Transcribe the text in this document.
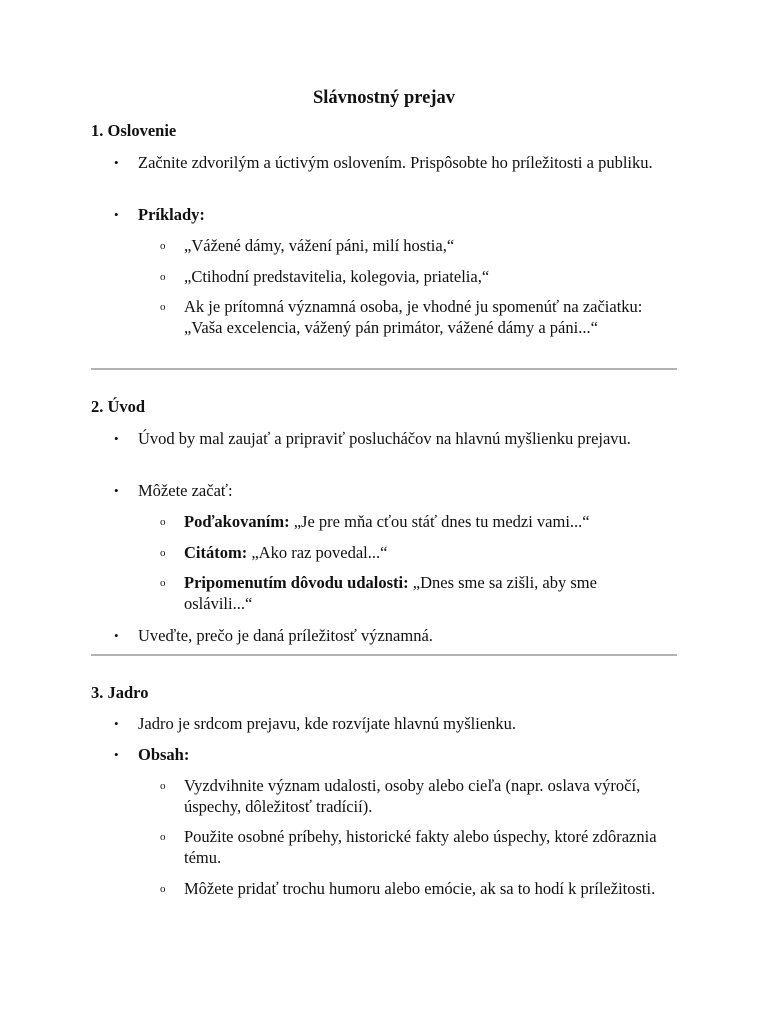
Slávnostný prejav
1. Oslovenie
• Začnite zdvorilým a úctivým oslovením. Prispôsobte ho príležitosti a publiku.
• Príklady:
o „Vážené dámy, vážení páni, milí hostia,“
o „Ctihodní predstavitelia, kolegovia, priatelia,“
o Ak je prítomná významná osoba, je vhodné ju spomenúť na začiatku: „Vaša excelencia, vážený pán primátor, vážené dámy a páni...“
2. Úvod
• Úvod by mal zaujať a pripraviť poslucháčov na hlavnú myšlienku prejavu.
• Môžete začať:
o Poďakovaním: „Je pre mňa cťou stáť dnes tu medzi vami...“
o Citátom: „Ako raz povedal...“
o Pripomenutím dôvodu udalosti: „Dnes sme sa zišli, aby sme oslávili...“
• Uveďte, prečo je daná príležitosť významná.
3. Jadro
• Jadro je srdcom prejavu, kde rozvíjate hlavnú myšlienku.
• Obsah:
o Vyzdvihnite význam udalosti, osoby alebo cieľa (napr. oslava výročí, úspechy, dôležitosť tradícií).
o Použite osobné príbehy, historické fakty alebo úspechy, ktoré zdôraznia tému.
o Môžete pridať trochu humoru alebo emócie, ak sa to hodí k príležitosti.
